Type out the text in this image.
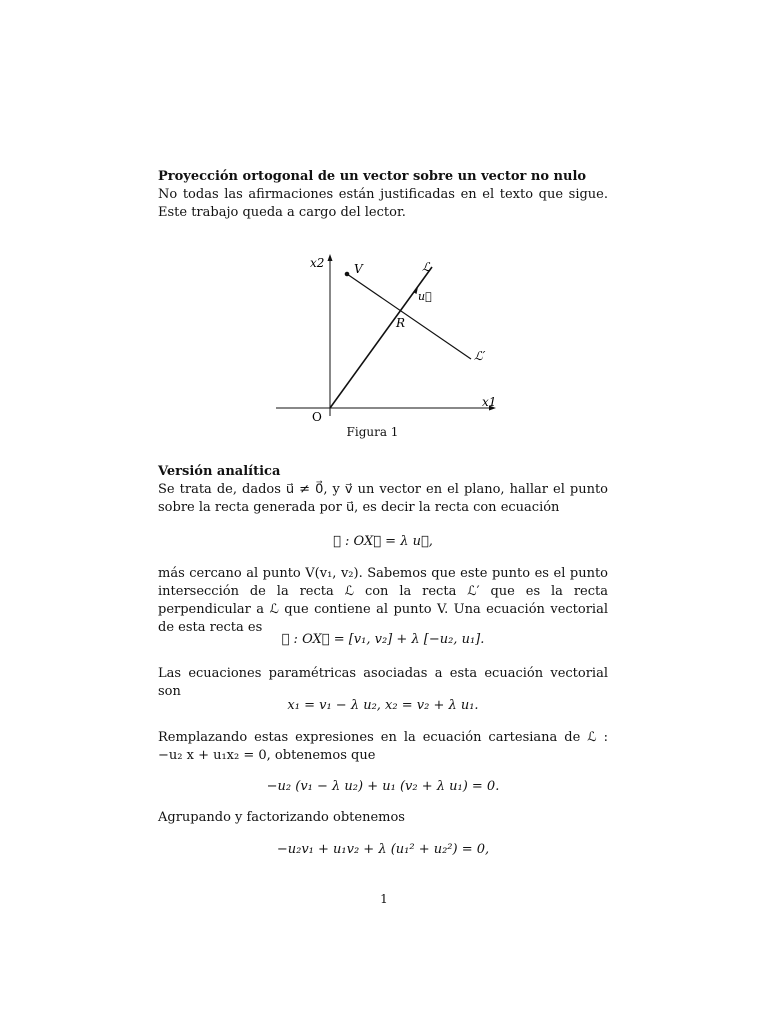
Proyección ortogonal de un vector sobre un vector no nulo
No todas las afirmaciones están justificadas en el texto que sigue. Este trabajo queda a cargo del lector.
x2
x1
O
V	ℒ
u⃗
R
ℒ′
Figura 1
Versión analítica
Se trata de, dados u⃗ ≠ 0⃗, y v⃗ un vector en el plano, hallar el punto sobre la recta generada por u⃗, es decir la recta con ecuación
ℒ : OX⃗ = λ u⃗,
más cercano al punto V(v₁, v₂). Sabemos que este punto es el punto intersección de la recta ℒ con la recta ℒ′ que es la recta perpendicular a ℒ que contiene al punto V. Una ecuación vectorial de esta recta es
ℒ : OX⃗ = [v₁, v₂] + λ [−u₂, u₁].
Las ecuaciones paramétricas asociadas a esta ecuación vectorial son
x₁ = v₁ − λ u₂, x₂ = v₂ + λ u₁.
Remplazando estas expresiones en la ecuación cartesiana de ℒ : −u₂ x + u₁x₂ = 0, obtenemos que
−u₂ (v₁ − λ u₂) + u₁ (v₂ + λ u₁) = 0.
Agrupando y factorizando obtenemos
−u₂v₁ + u₁v₂ + λ (u₁² + u₂²) = 0,
1
